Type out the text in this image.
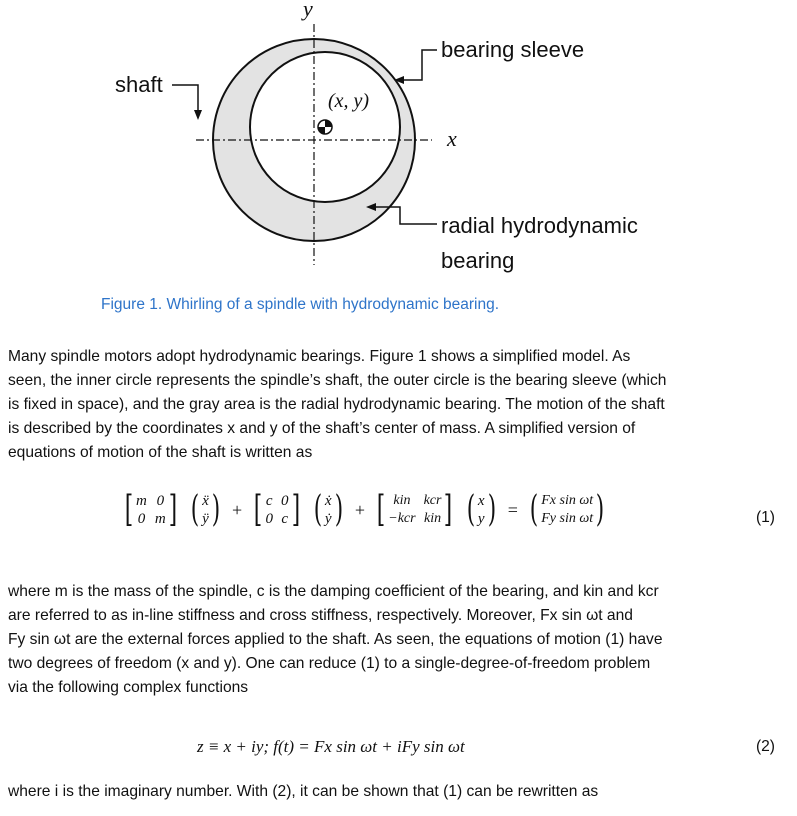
y
x
(x, y)
shaft
bearing sleeve
radial hydrodynamic
bearing
Figure 1. Whirling of a spindle with hydrodynamic bearing.
Many spindle motors adopt hydrodynamic bearings. Figure 1 shows a simplified model. As
seen, the inner circle represents the spindle’s shaft, the outer circle is the bearing sleeve (which
is fixed in space), and the gray area is the radial hydrodynamic bearing. The motion of the shaft
is described by the coordinates x and y of the shaft’s center of mass. A simplified version of
equations of motion of the shaft is written as
[ m 0
0 m ]
( ẍ
ÿ ) + [ c 0
0 c ]
( ẋ
ẏ ) + [ kin kcr
−kcr kin ]
( x
y ) = ( Fx sin ωt
Fy sin ωt )	(1)
where m is the mass of the spindle, c is the damping coefficient of the bearing, and kin and kcr
are referred to as in-line stiffness and cross stiffness, respectively. Moreover, Fx sin ωt and
Fy sin ωt are the external forces applied to the shaft. As seen, the equations of motion (1) have
two degrees of freedom (x and y). One can reduce (1) to a single-degree-of-freedom problem
via the following complex functions
z ≡ x + iy; f(t) = Fx sin ωt + iFy sin ωt	(2)
where i is the imaginary number. With (2), it can be shown that (1) can be rewritten as
